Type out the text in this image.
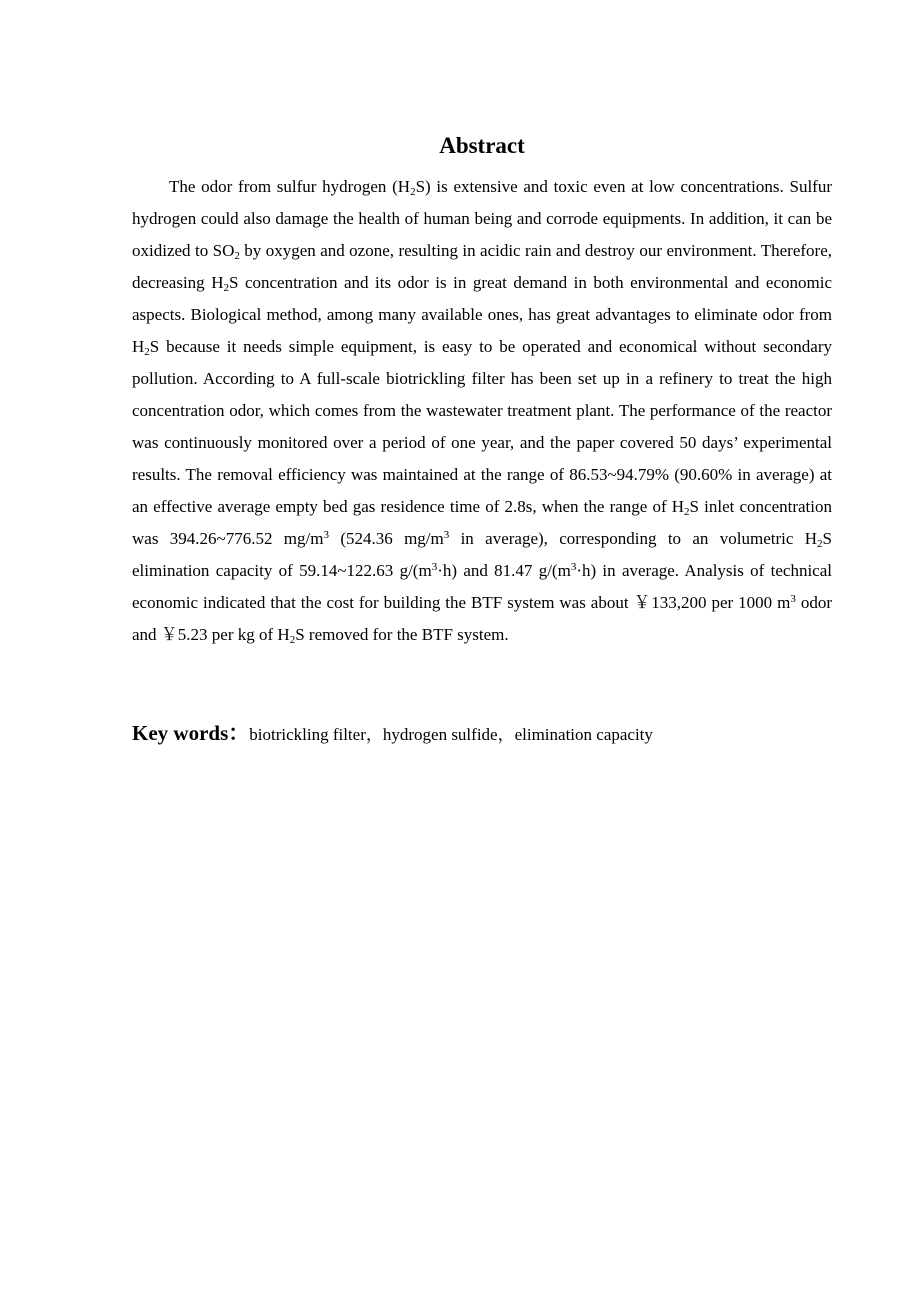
Abstract

The odor from sulfur hydrogen $(H_2S)$ is extensive and toxic even at low concentrations. Sulfur hydrogen could also damage the health of human being and corrode equipments. In addition, it can be oxidized to $SO_2$ by oxygen and ozone, resulting in acidic rain and destroy our environment. Therefore, decreasing $H_2S$ concentration and its odor is in great demand in both environmental and economic aspects. Biological method, among many available ones, has great advantages to eliminate odor from $H_2S$ because it needs simple equipment, is easy to be operated and economical without secondary pollution. According to A full-scale biotrickling filter has been set up in a refinery to treat the high concentration odor, which comes from the wastewater treatment plant. The performance of the reactor was continuously monitored over a period of one year, and the paper covered 50 days’ experimental results. The removal efficiency was maintained at the range of 86.53~94.79% (90.60% in average) at an effective average empty bed gas residence time of 2.8s, when the range of $H_2S$ inlet concentration was 394.26~776.52 $mg/m^3$ (524.36 $mg/m^3$ in average), corresponding to an volumetric $H_2S$ elimination capacity of 59.14~122.63 $g/(m^3\cdot h)$ and 81.47 $g/(m^3\cdot h)$ in average. Analysis of technical economic indicated that the cost for building the BTF system was about ￥133,200 per 1000 $m^3$ odor and ￥5.23 per kg of $H_2S$ removed for the BTF system.

Key words：biotrickling filter，hydrogen sulfide，elimination capacity
